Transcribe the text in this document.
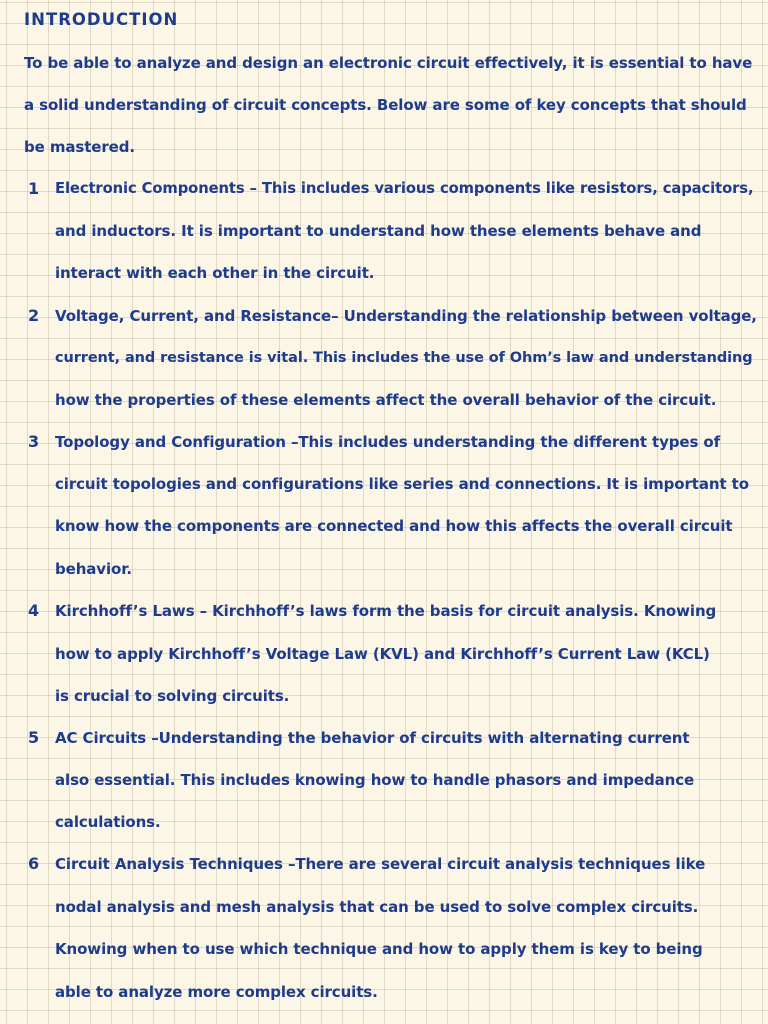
INTRODUCTION
To be able to analyze and design an electronic circuit effectively, it is essential to have
a solid understanding of circuit concepts. Below are some of key concepts that should
be mastered.
1 Electronic Components – This includes various components like resistors, capacitors,
and inductors. It is important to understand how these elements behave and
interact with each other in the circuit.
2 Voltage, Current, and Resistance– Understanding the relationship between voltage,
current, and resistance is vital. This includes the use of Ohm’s law and understanding
how the properties of these elements affect the overall behavior of the circuit.
3 Topology and Configuration –This includes understanding the different types of
circuit topologies and configurations like series and connections. It is important to
know how the components are connected and how this affects the overall circuit
behavior.
4 Kirchhoff’s Laws – Kirchhoff’s laws form the basis for circuit analysis. Knowing
how to apply Kirchhoff’s Voltage Law (KVL) and Kirchhoff’s Current Law (KCL)
is crucial to solving circuits.
5 AC Circuits –Understanding the behavior of circuits with alternating current
also essential. This includes knowing how to handle phasors and impedance
calculations.
6 Circuit Analysis Techniques –There are several circuit analysis techniques like
nodal analysis and mesh analysis that can be used to solve complex circuits.
Knowing when to use which technique and how to apply them is key to being
able to analyze more complex circuits.
